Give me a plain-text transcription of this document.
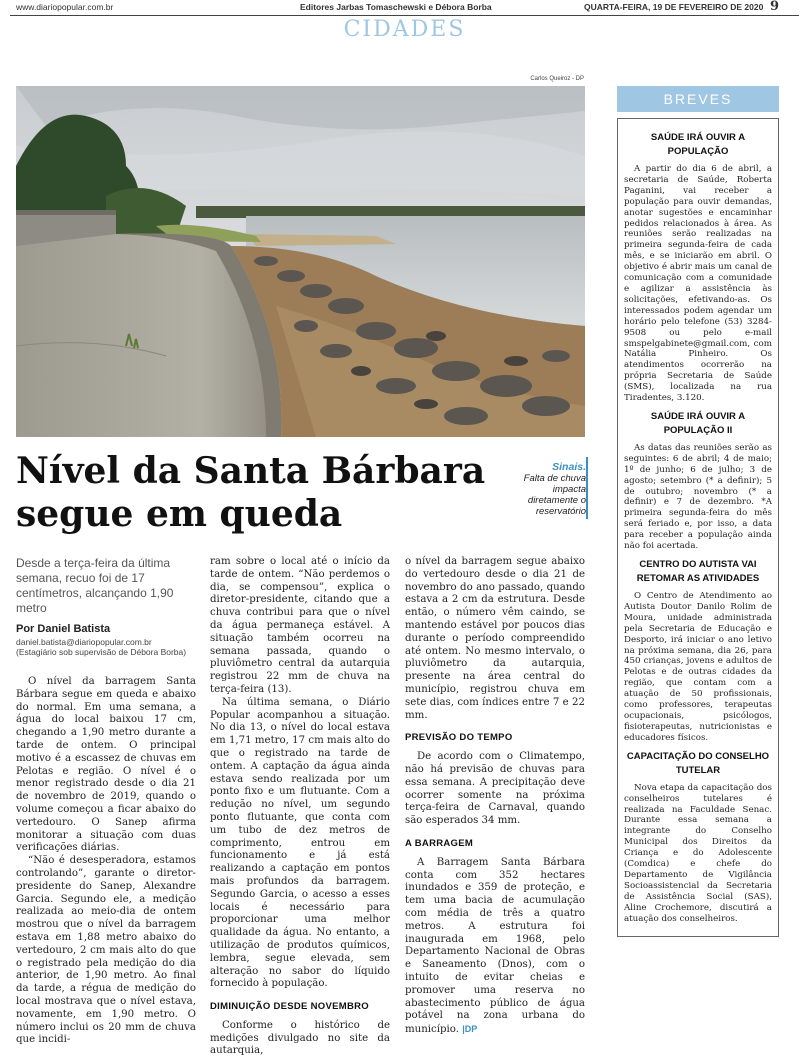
www.diariopopular.com.br	Editores Jarbas Tomaschewski e Débora Borba	QUARTA-FEIRA, 19 DE FEVEREIRO DE 2020 9
CIDADES
Carlos Queiroz - DP
Nível da Santa Bárbara segue em queda
Sinais.
Falta de chuva impacta diretamente o reservatório
Desde a terça-feira da última semana, recuo foi de 17 centímetros, alcançando 1,90 metro
Por Daniel Batista
daniel.batista@diariopopular.com.br
(Estagiário sob supervisão de Débora Borba)

O nível da barragem Santa Bárbara segue em queda e abaixo do normal. Em uma semana, a água do local baixou 17 cm, chegando a 1,90 metro durante a tarde de ontem. O principal motivo é a escassez de chuvas em Pelotas e região. O nível é o menor registrado desde o dia 21 de novembro de 2019, quando o volume começou a ficar abaixo do vertedouro. O Sanep afirma monitorar a situação com duas verificações diárias.

“Não é desesperadora, estamos controlando”, garante o diretor-presidente do Sanep, Alexandre Garcia. Segundo ele, a medição realizada ao meio-dia de ontem mostrou que o nível da barragem estava em 1,88 metro abaixo do vertedouro, 2 cm mais alto do que o registrado pela medição do dia anterior, de 1,90 metro. Ao final da tarde, a régua de medição do local mostrava que o nível estava, novamente, em 1,90 metro. O número inclui os 20 mm de chuva que incidi-

ram sobre o local até o início da tarde de ontem. “Não perdemos o dia, se compensou”, explica o diretor-presidente, citando que a chuva contribui para que o nível da água permaneça estável. A situação também ocorreu na semana passada, quando o pluviômetro central da autarquia registrou 22 mm de chuva na terça-feira (13).

Na última semana, o Diário Popular acompanhou a situação. No dia 13, o nível do local estava em 1,71 metro, 17 cm mais alto do que o registrado na tarde de ontem. A captação da água ainda estava sendo realizada por um ponto fixo e um flutuante. Com a redução no nível, um segundo ponto flutuante, que conta com um tubo de dez metros de comprimento, entrou em funcionamento e já está realizando a captação em pontos mais profundos da barragem. Segundo Garcia, o acesso a esses locais é necessário para proporcionar uma melhor qualidade da água. No entanto, a utilização de produtos químicos, lembra, segue elevada, sem alteração no sabor do líquido fornecido à população.

DIMINUIÇÃO DESDE NOVEMBRO

Conforme o histórico de medições divulgado no site da autarquia,

o nível da barragem segue abaixo do vertedouro desde o dia 21 de novembro do ano passado, quando estava a 2 cm da estrutura. Desde então, o número vêm caindo, se mantendo estável por poucos dias durante o período compreendido até ontem. No mesmo intervalo, o pluviômetro da autarquia, presente na área central do município, registrou chuva em sete dias, com índices entre 7 e 22 mm.

PREVISÃO DO TEMPO

De acordo com o Climatempo, não há previsão de chuvas para essa semana. A precipitação deve ocorrer somente na próxima terça-feira de Carnaval, quando são esperados 34 mm.

A BARRAGEM

A Barragem Santa Bárbara conta com 352 hectares inundados e 359 de proteção, e tem uma bacia de acumulação com média de três a quatro metros. A estrutura foi inaugurada em 1968, pelo Departamento Nacional de Obras e Saneamento (Dnos), com o intuito de evitar cheias e promover uma reserva no abastecimento público de água potável na zona urbana do município. |DP

BREVES
SAÚDE IRÁ OUVIR A POPULAÇÃO

A partir do dia 6 de abril, a secretaria de Saúde, Roberta Paganini, vai receber a população para ouvir demandas, anotar sugestões e encaminhar pedidos relacionados à área. As reuniões serão realizadas na primeira segunda-feira de cada mês, e se iniciarão em abril. O objetivo é abrir mais um canal de comunicação com a comunidade e agilizar a assistência às solicitações, efetivando-as. Os interessados podem agendar um horário pelo telefone (53) 3284-9508 ou pelo e-mail smspelgabinete@gmail.com, com Natália Pinheiro. Os atendimentos ocorrerão na própria Secretaria de Saúde (SMS), localizada na rua Tiradentes, 3.120.

SAÚDE IRÁ OUVIR A POPULAÇÃO II

As datas das reuniões serão as seguintes: 6 de abril; 4 de maio; 1º de junho; 6 de julho; 3 de agosto; setembro (* a definir); 5 de outubro; novembro (* a definir) e 7 de dezembro. *A primeira segunda-feira do mês será feriado e, por isso, a data para receber a população ainda não foi acertada.

CENTRO DO AUTISTA VAI RETOMAR AS ATIVIDADES

O Centro de Atendimento ao Autista Doutor Danilo Rolim de Moura, unidade administrada pela Secretaria de Educação e Desporto, irá iniciar o ano letivo na próxima semana, dia 26, para 450 crianças, jovens e adultos de Pelotas e de outras cidades da região, que contam com a atuação de 50 profissionais, como professores, terapeutas ocupacionais, psicólogos, fisioterapeutas, nutricionistas e educadores físicos.

CAPACITAÇÃO DO CONSELHO TUTELAR

Nova etapa da capacitação dos conselheiros tutelares é realizada na Faculdade Senac. Durante essa semana a integrante do Conselho Municipal dos Direitos da Criança e do Adolescente (Comdica) e chefe do Departamento de Vigilância Socioassistencial da Secretaria de Assistência Social (SAS), Aline Crochemore, discutirá a atuação dos conselheiros.
